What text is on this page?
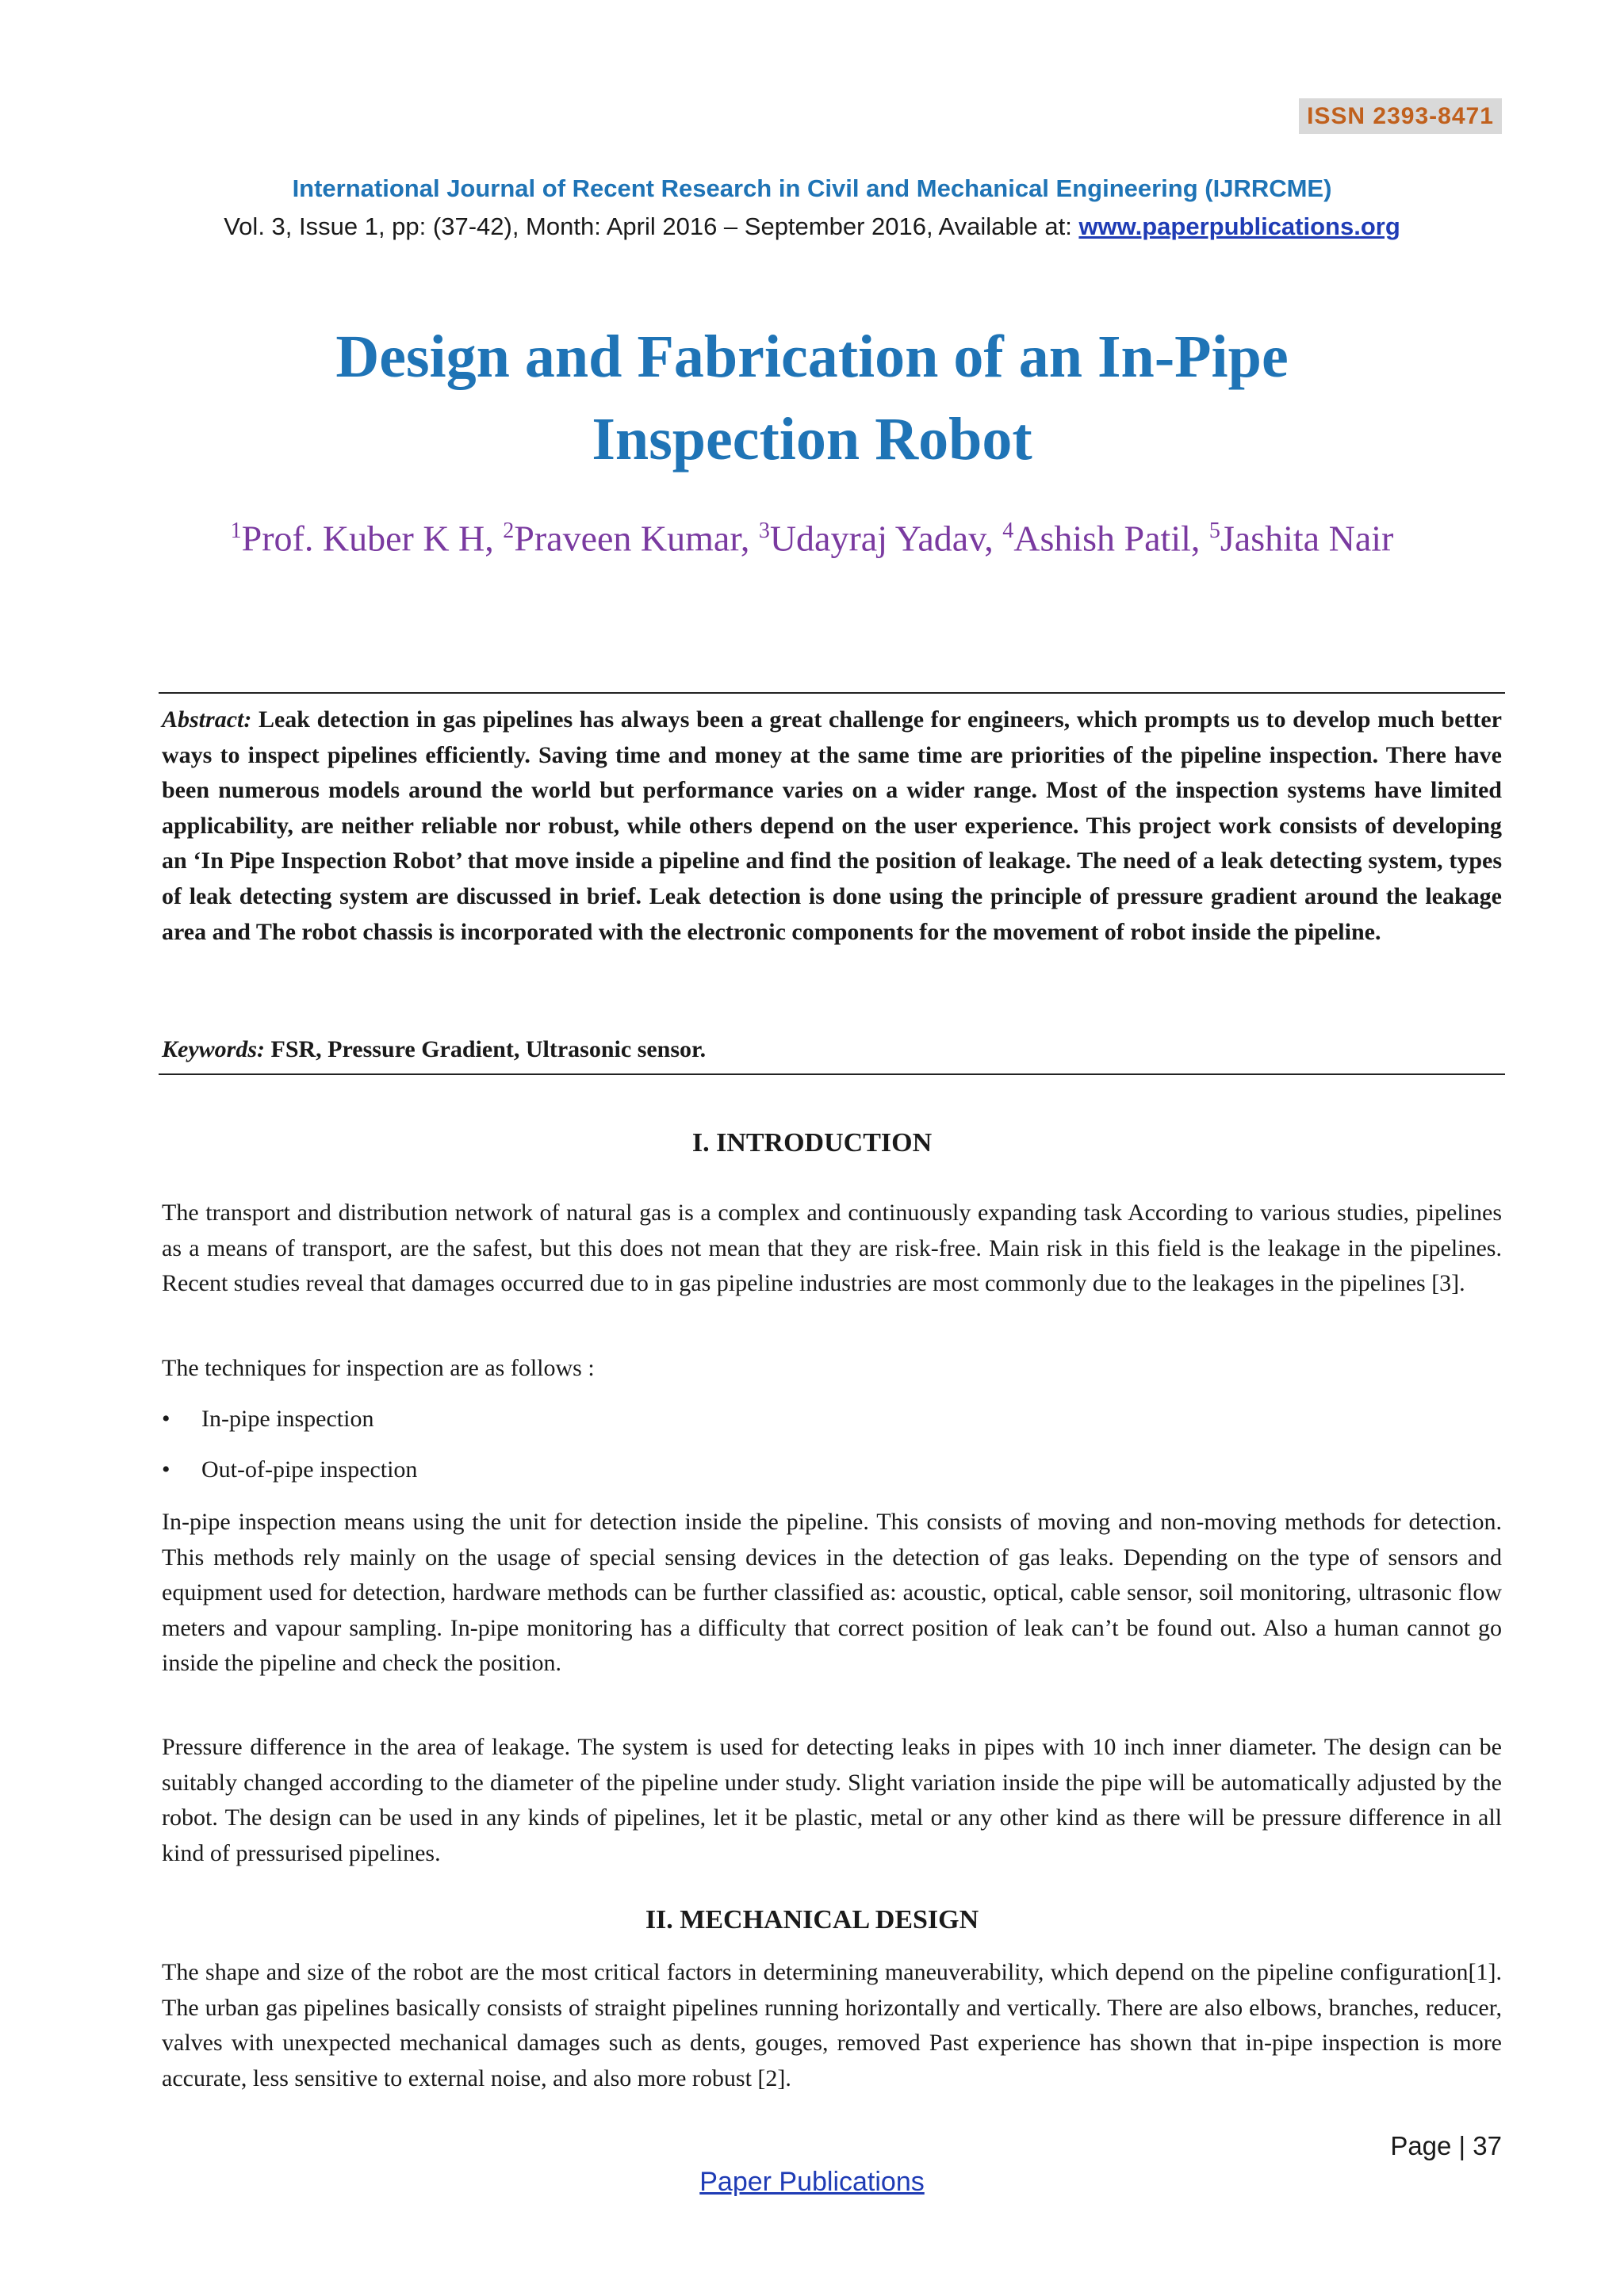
ISSN 2393-8471
International Journal of Recent Research in Civil and Mechanical Engineering (IJRRCME)
Vol. 3, Issue 1, pp: (37-42), Month: April 2016 – September 2016, Available at: www.paperpublications.org
Design and Fabrication of an In-Pipe
Inspection Robot
$^1$Prof. Kuber K H, $^2$Praveen Kumar, $^3$Udayraj Yadav, $^4$Ashish Patil, $^5$Jashita Nair
Abstract: Leak detection in gas pipelines has always been a great challenge for engineers, which prompts us to develop much better ways to inspect pipelines efficiently. Saving time and money at the same time are priorities of the pipeline inspection. There have been numerous models around the world but performance varies on a wider range. Most of the inspection systems have limited applicability, are neither reliable nor robust, while others depend on the user experience. This project work consists of developing an ‘In Pipe Inspection Robot’ that move inside a pipeline and find the position of leakage. The need of a leak detecting system, types of leak detecting system are discussed in brief. Leak detection is done using the principle of pressure gradient around the leakage area and The robot chassis is incorporated with the electronic components for the movement of robot inside the pipeline.
Keywords: FSR, Pressure Gradient, Ultrasonic sensor.
I. INTRODUCTION
The transport and distribution network of natural gas is a complex and continuously expanding task According to various studies, pipelines as a means of transport, are the safest, but this does not mean that they are risk-free. Main risk in this field is the leakage in the pipelines. Recent studies reveal that damages occurred due to in gas pipeline industries are most commonly due to the leakages in the pipelines [3].
The techniques for inspection are as follows :
• In-pipe inspection
• Out-of-pipe inspection
In-pipe inspection means using the unit for detection inside the pipeline. This consists of moving and non-moving methods for detection. This methods rely mainly on the usage of special sensing devices in the detection of gas leaks. Depending on the type of sensors and equipment used for detection, hardware methods can be further classified as: acoustic, optical, cable sensor, soil monitoring, ultrasonic flow meters and vapour sampling. In-pipe monitoring has a difficulty that correct position of leak can’t be found out. Also a human cannot go inside the pipeline and check the position.
Pressure difference in the area of leakage. The system is used for detecting leaks in pipes with 10 inch inner diameter. The design can be suitably changed according to the diameter of the pipeline under study. Slight variation inside the pipe will be automatically adjusted by the robot. The design can be used in any kinds of pipelines, let it be plastic, metal or any other kind as there will be pressure difference in all kind of pressurised pipelines.
II. MECHANICAL DESIGN
The shape and size of the robot are the most critical factors in determining maneuverability, which depend on the pipeline configuration[1]. The urban gas pipelines basically consists of straight pipelines running horizontally and vertically. There are also elbows, branches, reducer, valves with unexpected mechanical damages such as dents, gouges, removed Past experience has shown that in-pipe inspection is more accurate, less sensitive to external noise, and also more robust [2].
Page | 37
Paper Publications
